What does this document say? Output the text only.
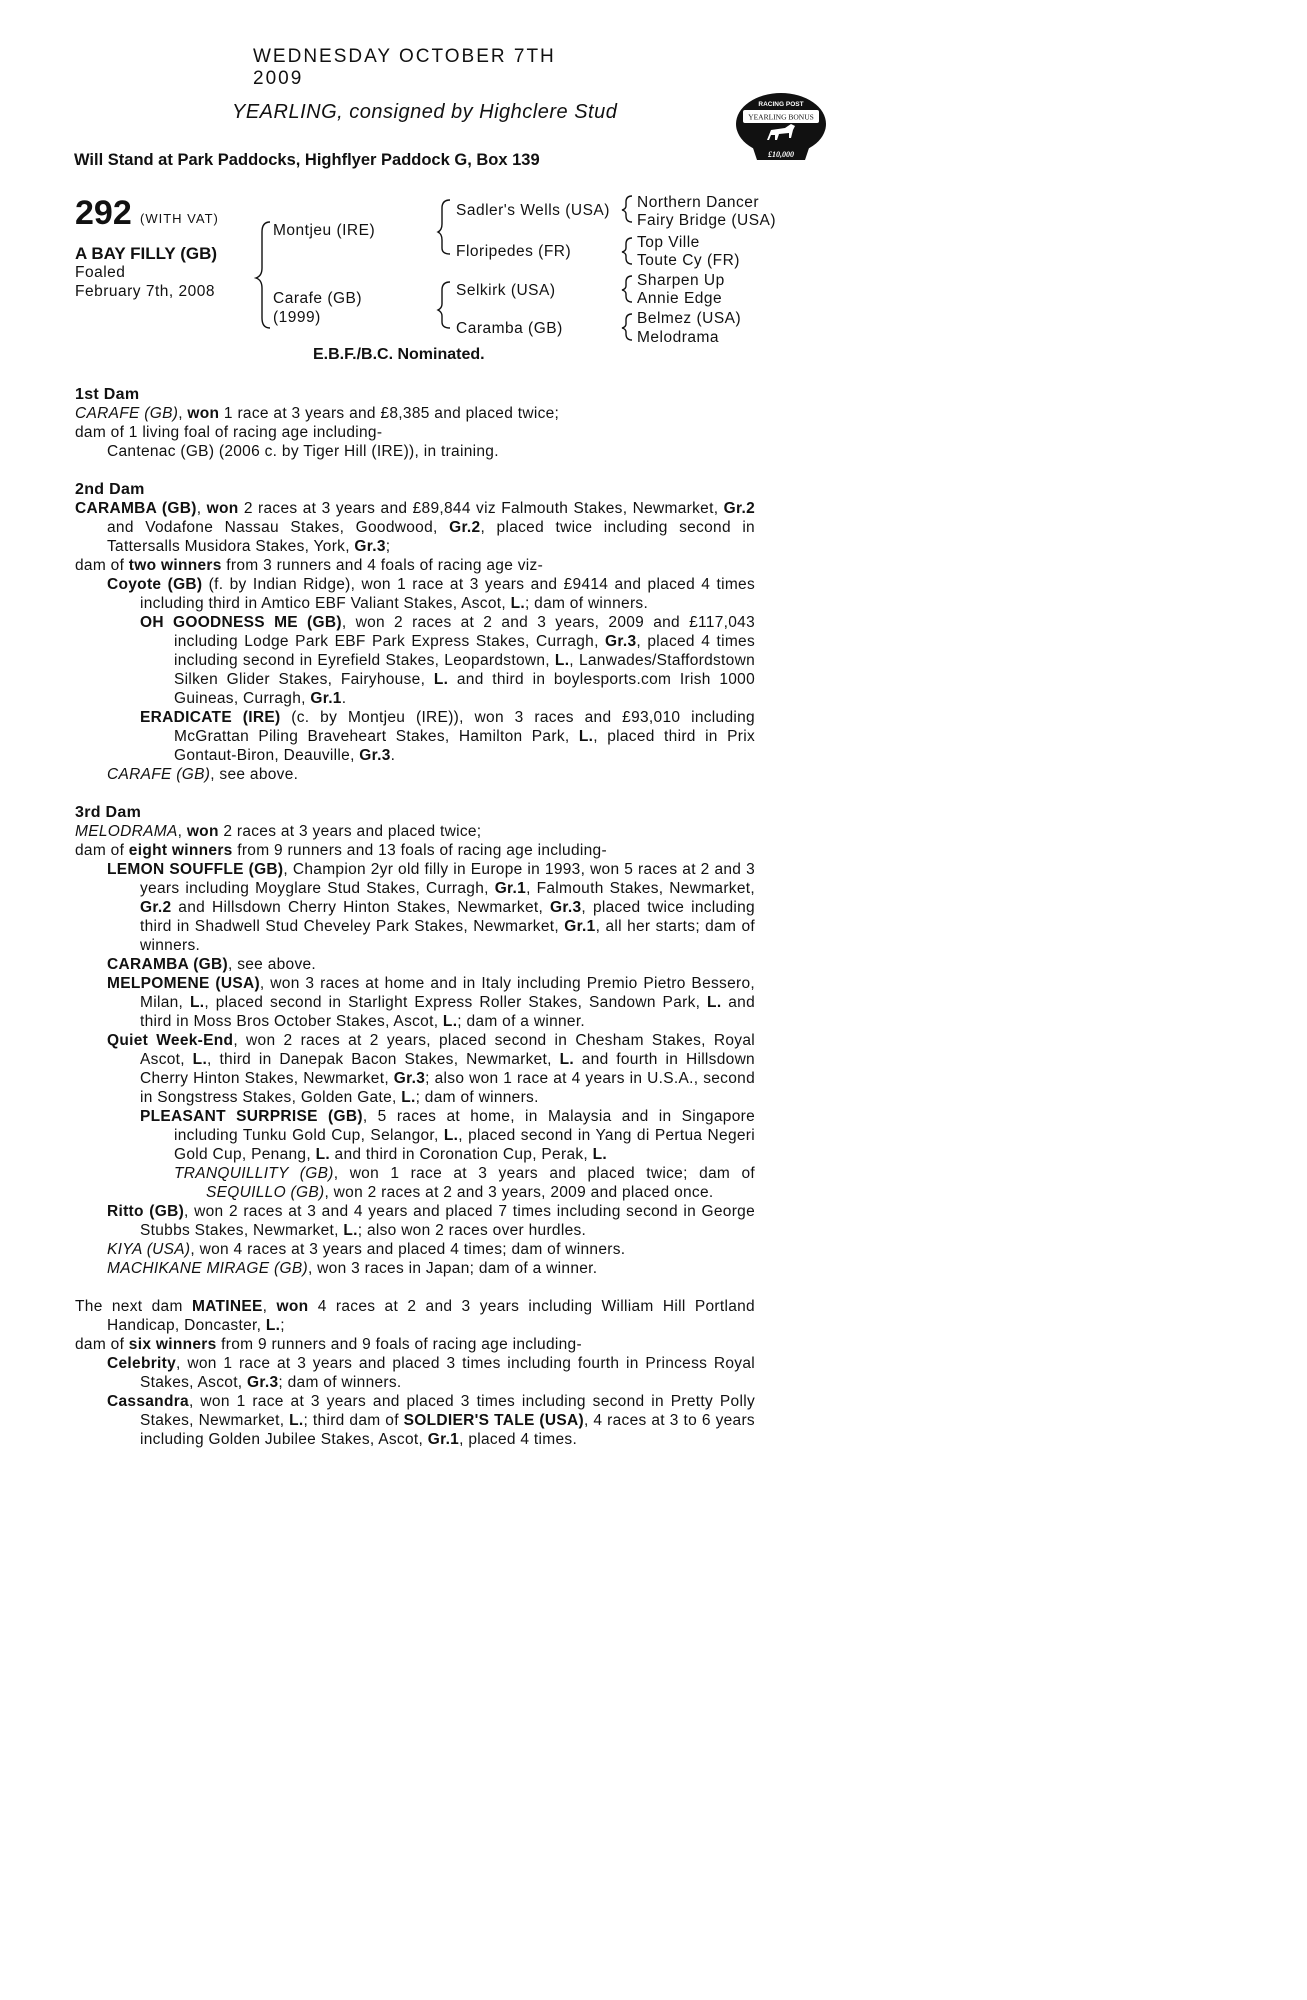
WEDNESDAY OCTOBER 7TH 2009
YEARLING, consigned by Highclere Stud
Will Stand at Park Paddocks, Highflyer Paddock G, Box 139
RACING POST
YEARLING BONUS
£10,000
292 (WITH VAT)
A BAY FILLY (GB)
Foaled
February 7th, 2008
Montjeu (IRE)
Carafe (GB)
(1999)
Sadler's Wells (USA)
Floripedes (FR)
Selkirk (USA)
Caramba (GB)
Northern Dancer
Fairy Bridge (USA)
Top Ville
Toute Cy (FR)
Sharpen Up
Annie Edge
Belmez (USA)
Melodrama
E.B.F./B.C. Nominated.

1st Dam

CARAFE (GB), won 1 race at 3 years and £8,385 and placed twice;

dam of 1 living foal of racing age including-

Cantenac (GB) (2006 c. by Tiger Hill (IRE)), in training.

2nd Dam

CARAMBA (GB), won 2 races at 3 years and £89,844 viz Falmouth Stakes, Newmarket, Gr.2 and Vodafone Nassau Stakes, Goodwood, Gr.2, placed twice including second in Tattersalls Musidora Stakes, York, Gr.3;

dam of two winners from 3 runners and 4 foals of racing age viz-

Coyote (GB) (f. by Indian Ridge), won 1 race at 3 years and £9414 and placed 4 times including third in Amtico EBF Valiant Stakes, Ascot, L.; dam of winners.

OH GOODNESS ME (GB), won 2 races at 2 and 3 years, 2009 and £117,043 including Lodge Park EBF Park Express Stakes, Curragh, Gr.3, placed 4 times including second in Eyrefield Stakes, Leopardstown, L., Lanwades/Staffordstown Silken Glider Stakes, Fairyhouse, L. and third in boylesports.com Irish 1000 Guineas, Curragh, Gr.1.

ERADICATE (IRE) (c. by Montjeu (IRE)), won 3 races and £93,010 including McGrattan Piling Braveheart Stakes, Hamilton Park, L., placed third in Prix Gontaut-Biron, Deauville, Gr.3.

CARAFE (GB), see above.

3rd Dam

MELODRAMA, won 2 races at 3 years and placed twice;

dam of eight winners from 9 runners and 13 foals of racing age including-

LEMON SOUFFLE (GB), Champion 2yr old filly in Europe in 1993, won 5 races at 2 and 3 years including Moyglare Stud Stakes, Curragh, Gr.1, Falmouth Stakes, Newmarket, Gr.2 and Hillsdown Cherry Hinton Stakes, Newmarket, Gr.3, placed twice including third in Shadwell Stud Cheveley Park Stakes, Newmarket, Gr.1, all her starts; dam of winners.

CARAMBA (GB), see above.

MELPOMENE (USA), won 3 races at home and in Italy including Premio Pietro Bessero, Milan, L., placed second in Starlight Express Roller Stakes, Sandown Park, L. and third in Moss Bros October Stakes, Ascot, L.; dam of a winner.

Quiet Week-End, won 2 races at 2 years, placed second in Chesham Stakes, Royal Ascot, L., third in Danepak Bacon Stakes, Newmarket, L. and fourth in Hillsdown Cherry Hinton Stakes, Newmarket, Gr.3; also won 1 race at 4 years in U.S.A., second in Songstress Stakes, Golden Gate, L.; dam of winners.

PLEASANT SURPRISE (GB), 5 races at home, in Malaysia and in Singapore including Tunku Gold Cup, Selangor, L., placed second in Yang di Pertua Negeri Gold Cup, Penang, L. and third in Coronation Cup, Perak, L.

TRANQUILLITY (GB), won 1 race at 3 years and placed twice; dam of SEQUILLO (GB), won 2 races at 2 and 3 years, 2009 and placed once.

Ritto (GB), won 2 races at 3 and 4 years and placed 7 times including second in George Stubbs Stakes, Newmarket, L.; also won 2 races over hurdles.

KIYA (USA), won 4 races at 3 years and placed 4 times; dam of winners.

MACHIKANE MIRAGE (GB), won 3 races in Japan; dam of a winner.

The next dam MATINEE, won 4 races at 2 and 3 years including William Hill Portland Handicap, Doncaster, L.;

dam of six winners from 9 runners and 9 foals of racing age including-

Celebrity, won 1 race at 3 years and placed 3 times including fourth in Princess Royal Stakes, Ascot, Gr.3; dam of winners.

Cassandra, won 1 race at 3 years and placed 3 times including second in Pretty Polly Stakes, Newmarket, L.; third dam of SOLDIER'S TALE (USA), 4 races at 3 to 6 years including Golden Jubilee Stakes, Ascot, Gr.1, placed 4 times.
